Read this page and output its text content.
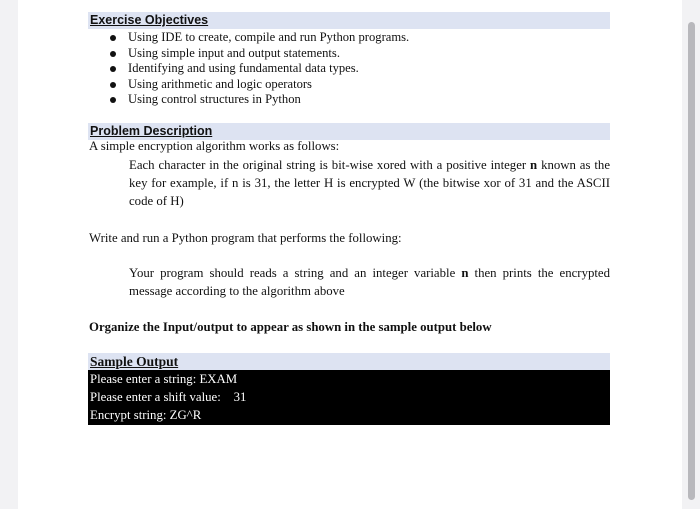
Exercise Objectives
Using IDE to create, compile and run Python programs.
Using simple input and output statements.
Identifying and using fundamental data types.
Using arithmetic and logic operators
Using control structures in Python
Problem Description
A simple encryption algorithm works as follows:
Each character in the original string is bit-wise xored with a positive integer n known as the key for example, if n is 31, the letter H is encrypted W (the bitwise xor of 31 and the ASCII code of H)
Write and run a Python program that performs the following:
Your program should reads a string and an integer variable n then prints the encrypted message according to the algorithm above
Organize the Input/output to appear as shown in the sample output below
Sample Output
Please enter a string: EXAM
Please enter a shift value: 31
Encrypt string: ZG^R
